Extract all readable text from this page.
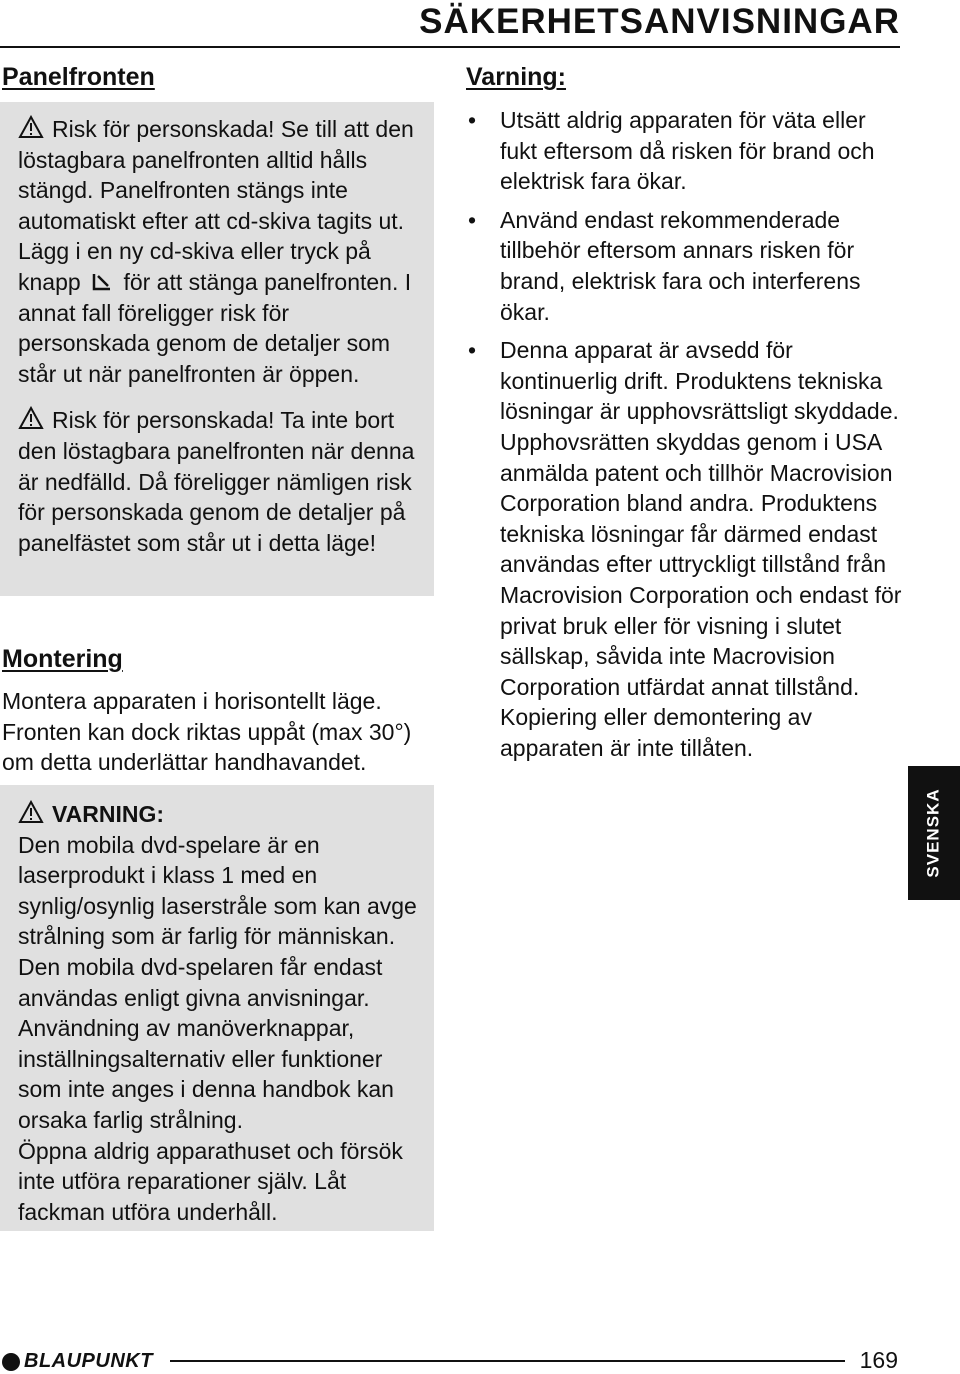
SÄKERHETSANVISNINGAR
Panelfronten

Risk för personskada! Se till att den löstagbara panelfronten alltid hålls stängd. Panelfronten stängs inte automatiskt efter att cd-skiva tagits ut. Lägg i en ny cd-skiva eller tryck på knapp för att stänga panelfronten. I annat fall föreligger risk för personskada genom de detaljer som står ut när panelfronten är öppen.

Risk för personskada! Ta inte bort den löstagbara panelfronten när denna är nedfälld. Då föreligger nämligen risk för personskada genom de detaljer på panelfästet som står ut i detta läge!

Montering

Montera apparaten i horisontellt läge. Fronten kan dock riktas uppåt (max 30°) om detta underlättar handhavandet.

VARNING:

Den mobila dvd-spelare är en laserprodukt i klass 1 med en synlig/osynlig laserstråle som kan avge strålning som är farlig för människan. Den mobila dvd-spelaren får endast användas enligt givna anvisningar. Användning av manöverknappar, inställningsalternativ eller funktioner som inte anges i denna handbok kan orsaka farlig strålning.

Öppna aldrig apparathuset och försök inte utföra reparationer själv. Låt fackman utföra underhåll.

Varning:
• Utsätt aldrig apparaten för väta eller fukt eftersom då risken för brand och elektrisk fara ökar.
• Använd endast rekommenderade tillbehör eftersom annars risken för brand, elektrisk fara och interferens ökar.
• Denna apparat är avsedd för kontinuerlig drift. Produktens tekniska lösningar är upphovsrättsligt skyddade. Upphovsrätten skyddas genom i USA anmälda patent och tillhör Macrovision Corporation bland andra. Produktens tekniska lösningar får därmed endast användas efter uttryckligt tillstånd från Macrovision Corporation och endast för privat bruk eller för visning i slutet sällskap, såvida inte Macrovision Corporation utfärdat annat tillstånd. Kopiering eller demontering av apparaten är inte tillåten.
SVENSKA
BLAUPUNKT	169
